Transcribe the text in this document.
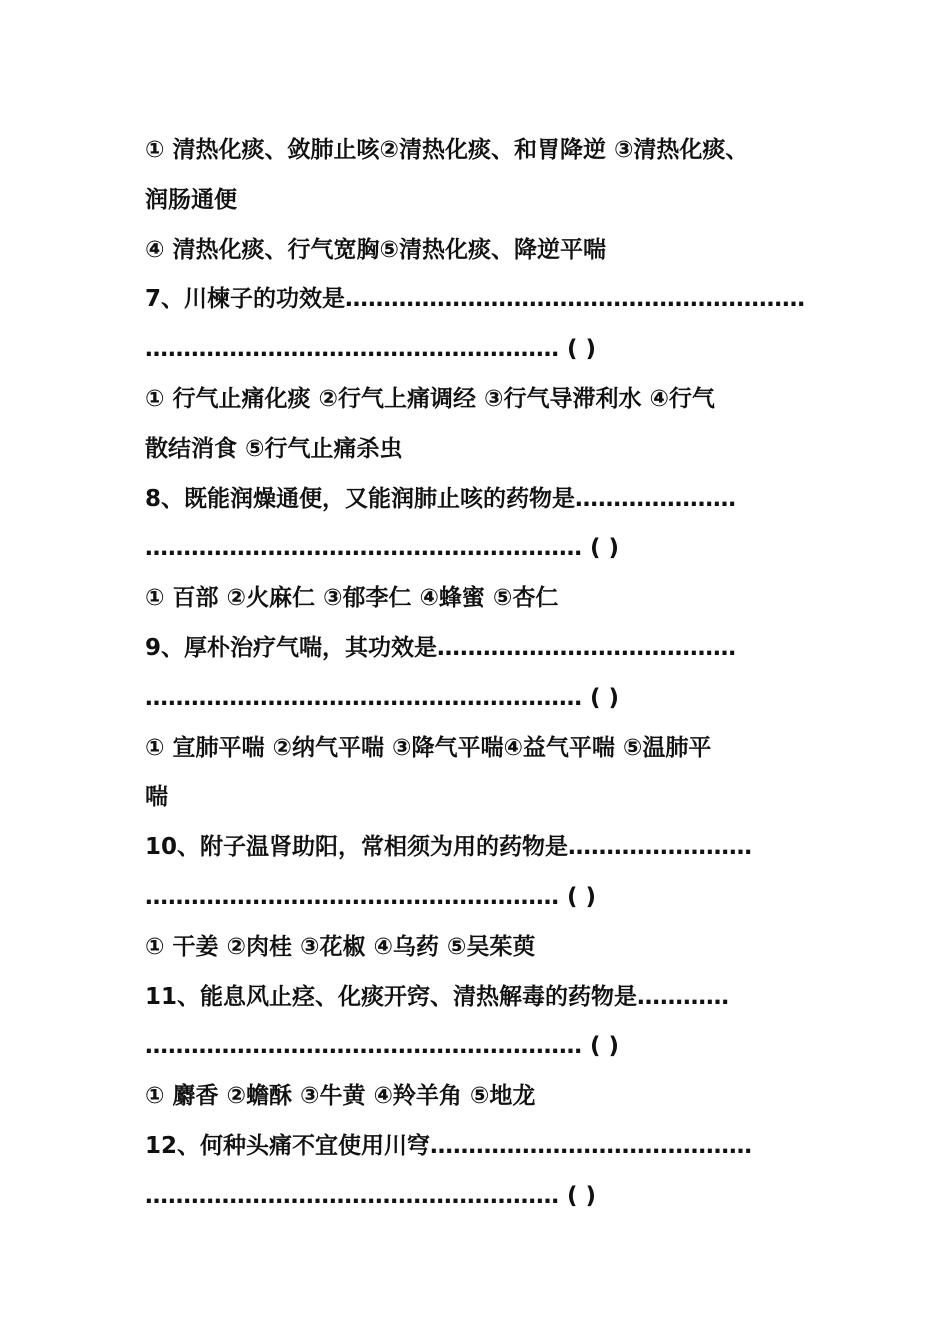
① 清热化痰、敛肺止咳②清热化痰、和胃降逆 ③清热化痰、
润肠通便
④ 清热化痰、行气宽胸⑤清热化痰、降逆平喘
7、川楝子的功效是……………………………………………………
……………………………………………… ( )
① 行气止痛化痰 ②行气上痛调经 ③行气导滞利水 ④行气
散结消食 ⑤行气止痛杀虫
8、既能润燥通便，又能润肺止咳的药物是…………………
………………………………………………… ( )
① 百部 ②火麻仁 ③郁李仁 ④蜂蜜 ⑤杏仁
9、厚朴治疗气喘，其功效是…………………………………
………………………………………………… ( )
① 宣肺平喘 ②纳气平喘 ③降气平喘④益气平喘 ⑤温肺平
喘
10、附子温肾助阳，常相须为用的药物是……………………
……………………………………………… ( )
① 干姜 ②肉桂 ③花椒 ④乌药 ⑤吴茱萸
11、能息风止痉、化痰开窍、清热解毒的药物是…………
………………………………………………… ( )
① 麝香 ②蟾酥 ③牛黄 ④羚羊角 ⑤地龙
12、何种头痛不宜使用川穹……………………………………
……………………………………………… ( )
